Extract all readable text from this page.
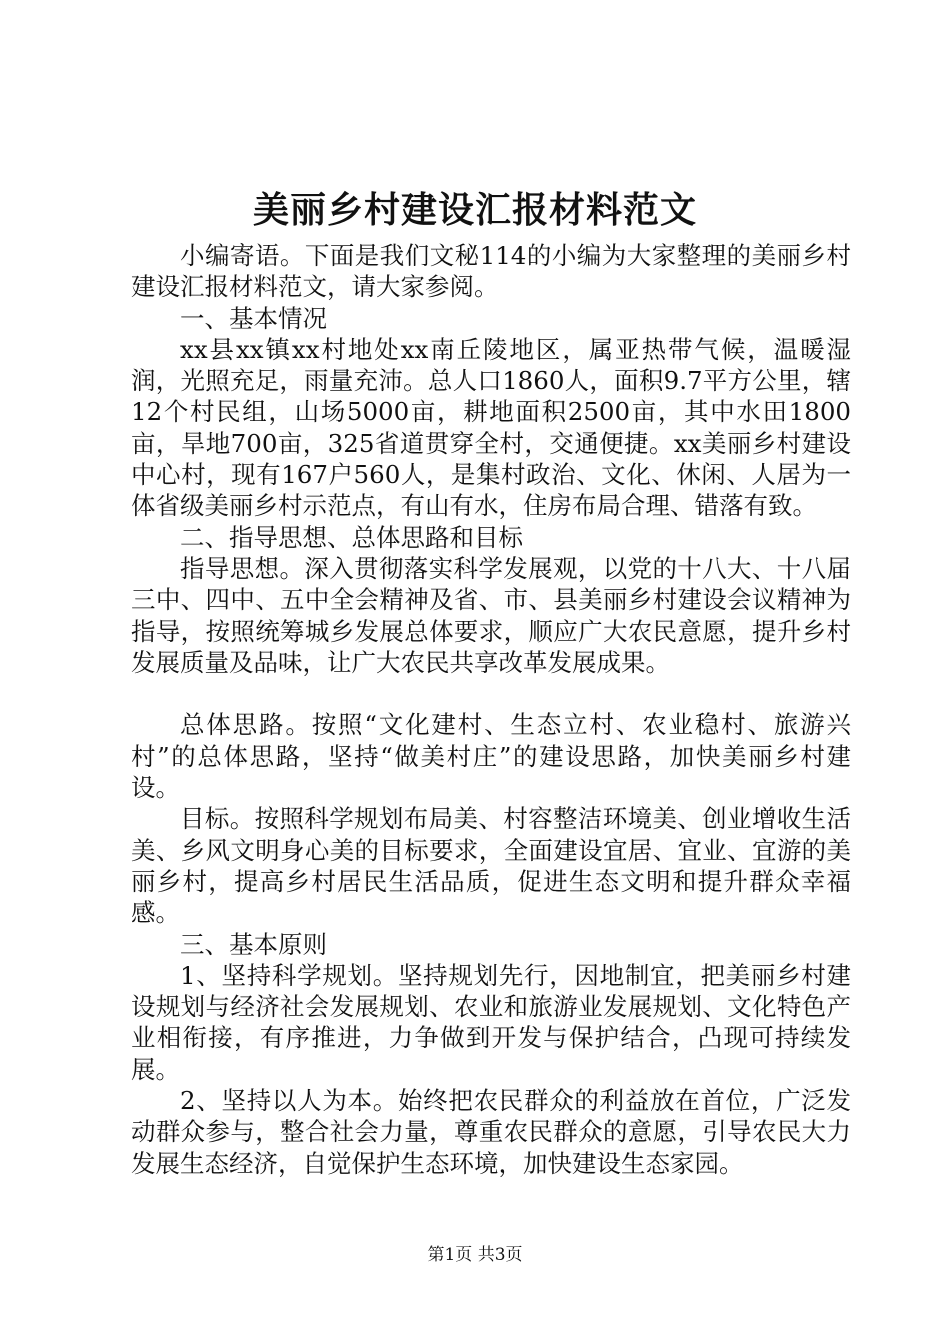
美丽乡村建设汇报材料范文

小编寄语。下面是我们文秘114的小编为大家整理的美丽乡村建设汇报材料范文，请大家参阅。

一、基本情况

xx县xx镇xx村地处xx南丘陵地区，属亚热带气候，温暖湿润，光照充足，雨量充沛。总人口1860人，面积9.7平方公里，辖12个村民组，山场5000亩，耕地面积2500亩，其中水田1800亩，旱地700亩，325省道贯穿全村，交通便捷。xx美丽乡村建设中心村，现有167户560人，是集村政治、文化、休闲、人居为一体省级美丽乡村示范点，有山有水，住房布局合理、错落有致。

二、指导思想、总体思路和目标

指导思想。深入贯彻落实科学发展观，以党的十八大、十八届三中、四中、五中全会精神及省、市、县美丽乡村建设会议精神为指导，按照统筹城乡发展总体要求，顺应广大农民意愿，提升乡村发展质量及品味，让广大农民共享改革发展成果。

总体思路。按照“文化建村、生态立村、农业稳村、旅游兴村”的总体思路，坚持“做美村庄”的建设思路，加快美丽乡村建设。

目标。按照科学规划布局美、村容整洁环境美、创业增收生活美、乡风文明身心美的目标要求，全面建设宜居、宜业、宜游的美丽乡村，提高乡村居民生活品质，促进生态文明和提升群众幸福感。

三、基本原则

1、坚持科学规划。坚持规划先行，因地制宜，把美丽乡村建设规划与经济社会发展规划、农业和旅游业发展规划、文化特色产业相衔接，有序推进，力争做到开发与保护结合，凸现可持续发展。

2、坚持以人为本。始终把农民群众的利益放在首位，广泛发动群众参与，整合社会力量，尊重农民群众的意愿，引导农民大力发展生态经济，自觉保护生态环境，加快建设生态家园。

第1页 共3页
